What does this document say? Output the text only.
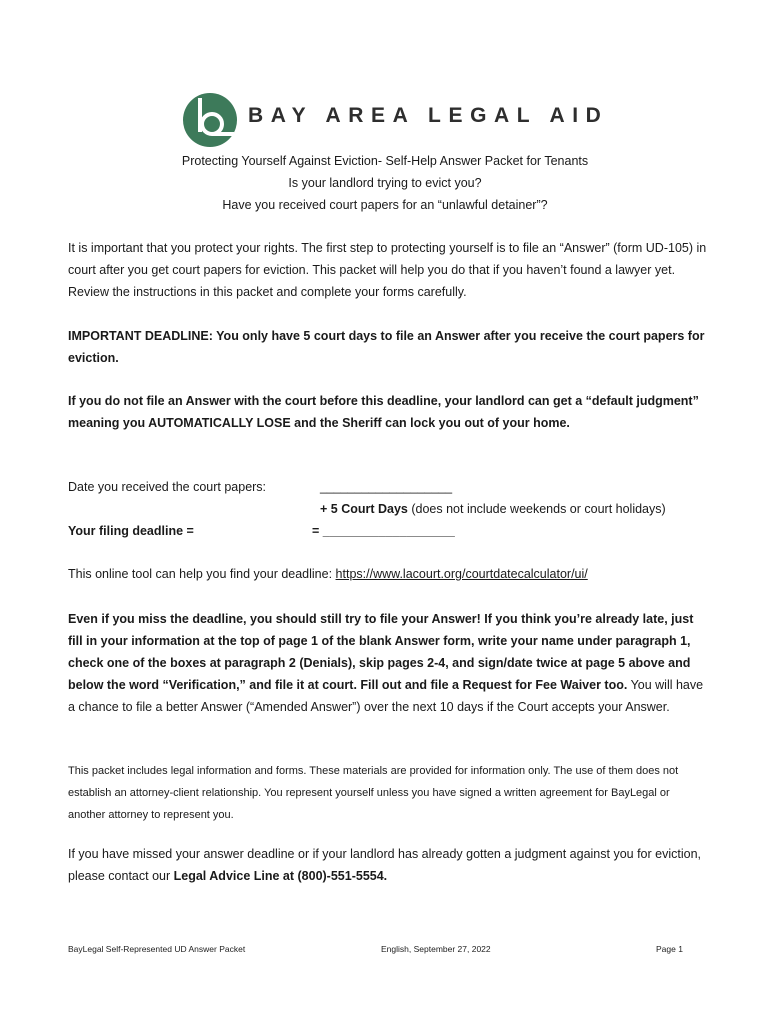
BAY AREA LEGAL AID
Protecting Yourself Against Eviction- Self-Help Answer Packet for Tenants
Is your landlord trying to evict you?
Have you received court papers for an “unlawful detainer”?
It is important that you protect your rights. The first step to protecting yourself is to file an “Answer” (form UD-105) in court after you get court papers for eviction. This packet will help you do that if you haven’t found a lawyer yet. Review the instructions in this packet and complete your forms carefully.
IMPORTANT DEADLINE: You only have 5 court days to file an Answer after you receive the court papers for eviction.
If you do not file an Answer with the court before this deadline, your landlord can get a “default judgment” meaning you AUTOMATICALLY LOSE and the Sheriff can lock you out of your home.
Date you received the court papers:	___________________
+ 5 Court Days (does not include weekends or court holidays)
Your filing deadline =	= ___________________
This online tool can help you find your deadline: https://www.lacourt.org/courtdatecalculator/ui/
Even if you miss the deadline, you should still try to file your Answer! If you think you’re already late, just fill in your information at the top of page 1 of the blank Answer form, write your name under paragraph 1, check one of the boxes at paragraph 2 (Denials), skip pages 2-4, and sign/date twice at page 5 above and below the word “Verification,” and file it at court. Fill out and file a Request for Fee Waiver too. You will have a chance to file a better Answer (“Amended Answer”) over the next 10 days if the Court accepts your Answer.
This packet includes legal information and forms. These materials are provided for information only. The use of them does not establish an attorney-client relationship. You represent yourself unless you have signed a written agreement for BayLegal or another attorney to represent you.
If you have missed your answer deadline or if your landlord has already gotten a judgment against you for eviction, please contact our Legal Advice Line at (800)-551-5554.
BayLegal Self-Represented UD Answer Packet	English, September 27, 2022	Page 1
